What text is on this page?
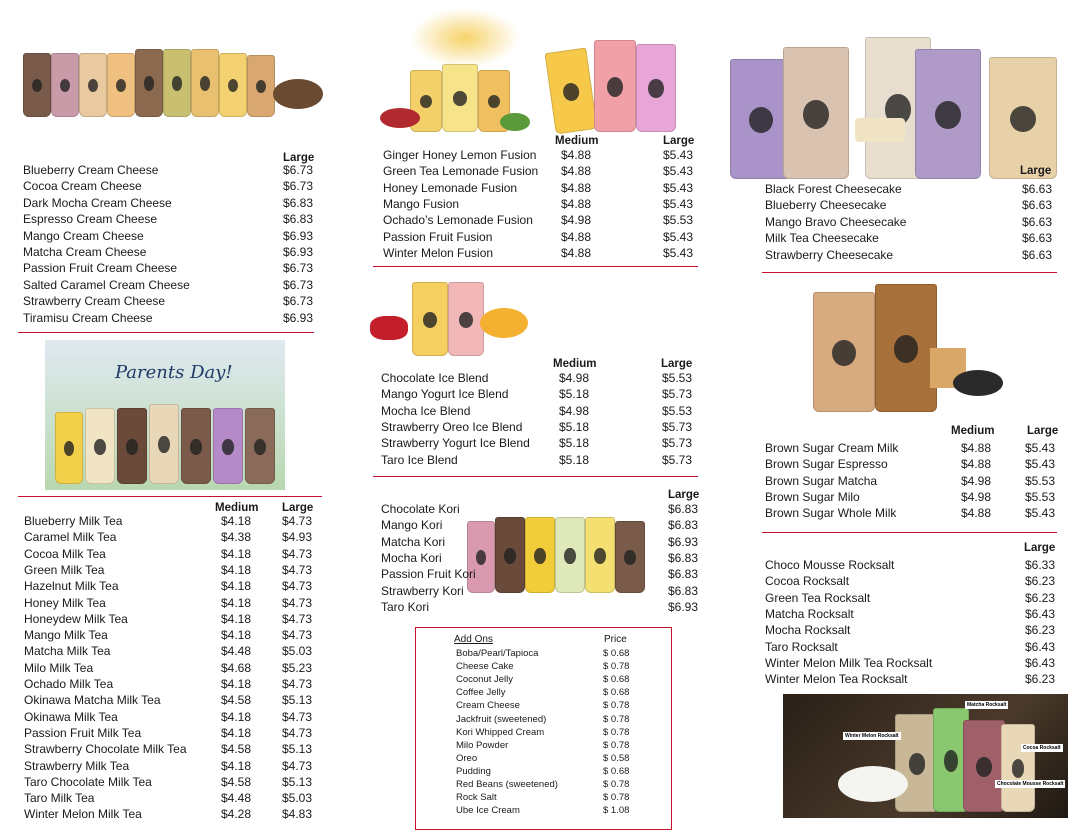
Parents Day!
Winter Melon Rocksalt
Matcha Rocksalt
Cocoa Rocksalt
Chocolate Mousse Rocksalt
Large
Medium Large
Medium	Large
Medium	Large
Large
Large
Medium	Large
Large
Add Ons	Price
Boba/Pearl/Tapioca	$ 0.68
Cheese Cake	$ 0.78
Coconut Jelly	$ 0.68
Coffee Jelly	$ 0.68
Cream Cheese	$ 0.78
Jackfruit (sweetened)	$ 0.78
Kori Whipped Cream	$ 0.78
Milo Powder	$ 0.78
Oreo	$ 0.58
Pudding	$ 0.68
Red Beans (sweetened)	$ 0.78
Rock Salt	$ 0.78
Ube Ice Cream	$ 1.08
Blueberry Cream Cheese	$6.73
Cocoa Cream Cheese	$6.73
Dark Mocha Cream Cheese	$6.83
Espresso Cream Cheese	$6.83
Mango Cream Cheese	$6.93
Matcha Cream Cheese	$6.93
Passion Fruit Cream Cheese	$6.73
Salted Caramel Cream Cheese	$6.73
Strawberry Cream Cheese	$6.73
Tiramisu Cream Cheese	$6.93
Blueberry Milk Tea	$4.18	$4.73
Caramel Milk Tea	$4.38	$4.93
Cocoa Milk Tea	$4.18	$4.73
Green Milk Tea	$4.18	$4.73
Hazelnut Milk Tea	$4.18	$4.73
Honey Milk Tea	$4.18	$4.73
Honeydew Milk Tea	$4.18	$4.73
Mango Milk Tea	$4.18	$4.73
Matcha Milk Tea	$4.48	$5.03
Milo Milk Tea	$4.68	$5.23
Ochado Milk Tea	$4.18	$4.73
Okinawa Matcha Milk Tea	$4.58	$5.13
Okinawa Milk Tea	$4.18	$4.73
Passion Fruit Milk Tea	$4.18	$4.73
Strawberry Chocolate Milk Tea	$4.58	$5.13
Strawberry Milk Tea	$4.18	$4.73
Taro Chocolate Milk Tea	$4.58	$5.13
Taro Milk Tea	$4.48	$5.03
Winter Melon Milk Tea	$4.28	$4.83
Ginger Honey Lemon Fusion $4.88	$5.43
Green Tea Lemonade Fusion $4.88	$5.43
Honey Lemonade Fusion	$4.88	$5.43
Mango Fusion	$4.88	$5.43
Ochado’s Lemonade Fusion $4.98	$5.53
Passion Fruit Fusion	$4.88	$5.43
Winter Melon Fusion	$4.88	$5.43
Chocolate Ice Blend	$4.98	$5.53
Mango Yogurt Ice Blend	$5.18	$5.73
Mocha Ice Blend	$4.98	$5.53
Strawberry Oreo Ice Blend	$5.18	$5.73
Strawberry Yogurt Ice Blend $5.18	$5.73
Taro Ice Blend	$5.18	$5.73
Chocolate Kori	$6.83
Mango Kori	$6.83
Matcha Kori	$6.93
Mocha Kori	$6.83
Passion Fruit Kori	$6.83
Strawberry Kori	$6.83
Taro Kori	$6.93
Black Forest Cheesecake	$6.63
Blueberry Cheesecake	$6.63
Mango Bravo Cheesecake	$6.63
Milk Tea Cheesecake	$6.63
Strawberry Cheesecake	$6.63
Brown Sugar Cream Milk	$4.88	$5.43
Brown Sugar Espresso	$4.88	$5.43
Brown Sugar Matcha	$4.98	$5.53
Brown Sugar Milo	$4.98	$5.53
Brown Sugar Whole Milk	$4.88	$5.43
Choco Mousse Rocksalt	$6.33
Cocoa Rocksalt	$6.23
Green Tea Rocksalt	$6.23
Matcha Rocksalt	$6.43
Mocha Rocksalt	$6.23
Taro Rocksalt	$6.43
Winter Melon Milk Tea Rocksalt	$6.43
Winter Melon Tea Rocksalt	$6.23
